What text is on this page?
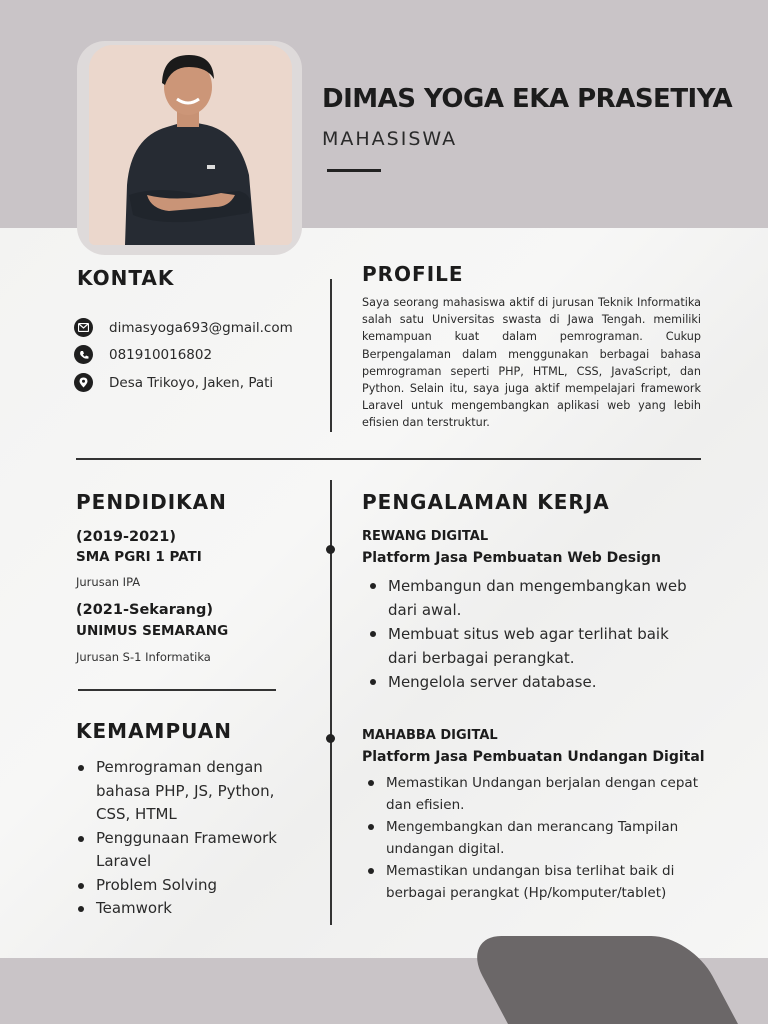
DIMAS YOGA EKA PRASETIYA
MAHASISWA
KONTAK
dimasyoga693@gmail.com
081910016802
Desa Trikoyo, Jaken, Pati
PROFILE
Saya seorang mahasiswa aktif di jurusan Teknik Informatika salah satu Universitas swasta di Jawa Tengah. memiliki kemampuan kuat dalam pemrograman. Cukup Berpengalaman dalam menggunakan berbagai bahasa pemrograman seperti PHP, HTML, CSS, JavaScript, dan Python. Selain itu, saya juga aktif mempelajari framework Laravel untuk mengembangkan aplikasi web yang lebih efisien dan terstruktur.
PENDIDIKAN
(2019-2021)
SMA PGRI 1 PATI
Jurusan IPA
(2021-Sekarang)
UNIMUS SEMARANG
Jurusan S-1 Informatika
KEMAMPUAN
Pemrograman dengan bahasa PHP, JS, Python, CSS, HTML
Penggunaan Framework Laravel
Problem Solving
Teamwork
PENGALAMAN KERJA
REWANG DIGITAL
Platform Jasa Pembuatan Web Design
Membangun dan mengembangkan web dari awal.
Membuat situs web agar terlihat baik dari berbagai perangkat.
Mengelola server database.
MAHABBA DIGITAL
Platform Jasa Pembuatan Undangan Digital
Memastikan Undangan berjalan dengan cepat dan efisien.
Mengembangkan dan merancang Tampilan undangan digital.
Memastikan undangan bisa terlihat baik di berbagai perangkat (Hp/komputer/tablet)
